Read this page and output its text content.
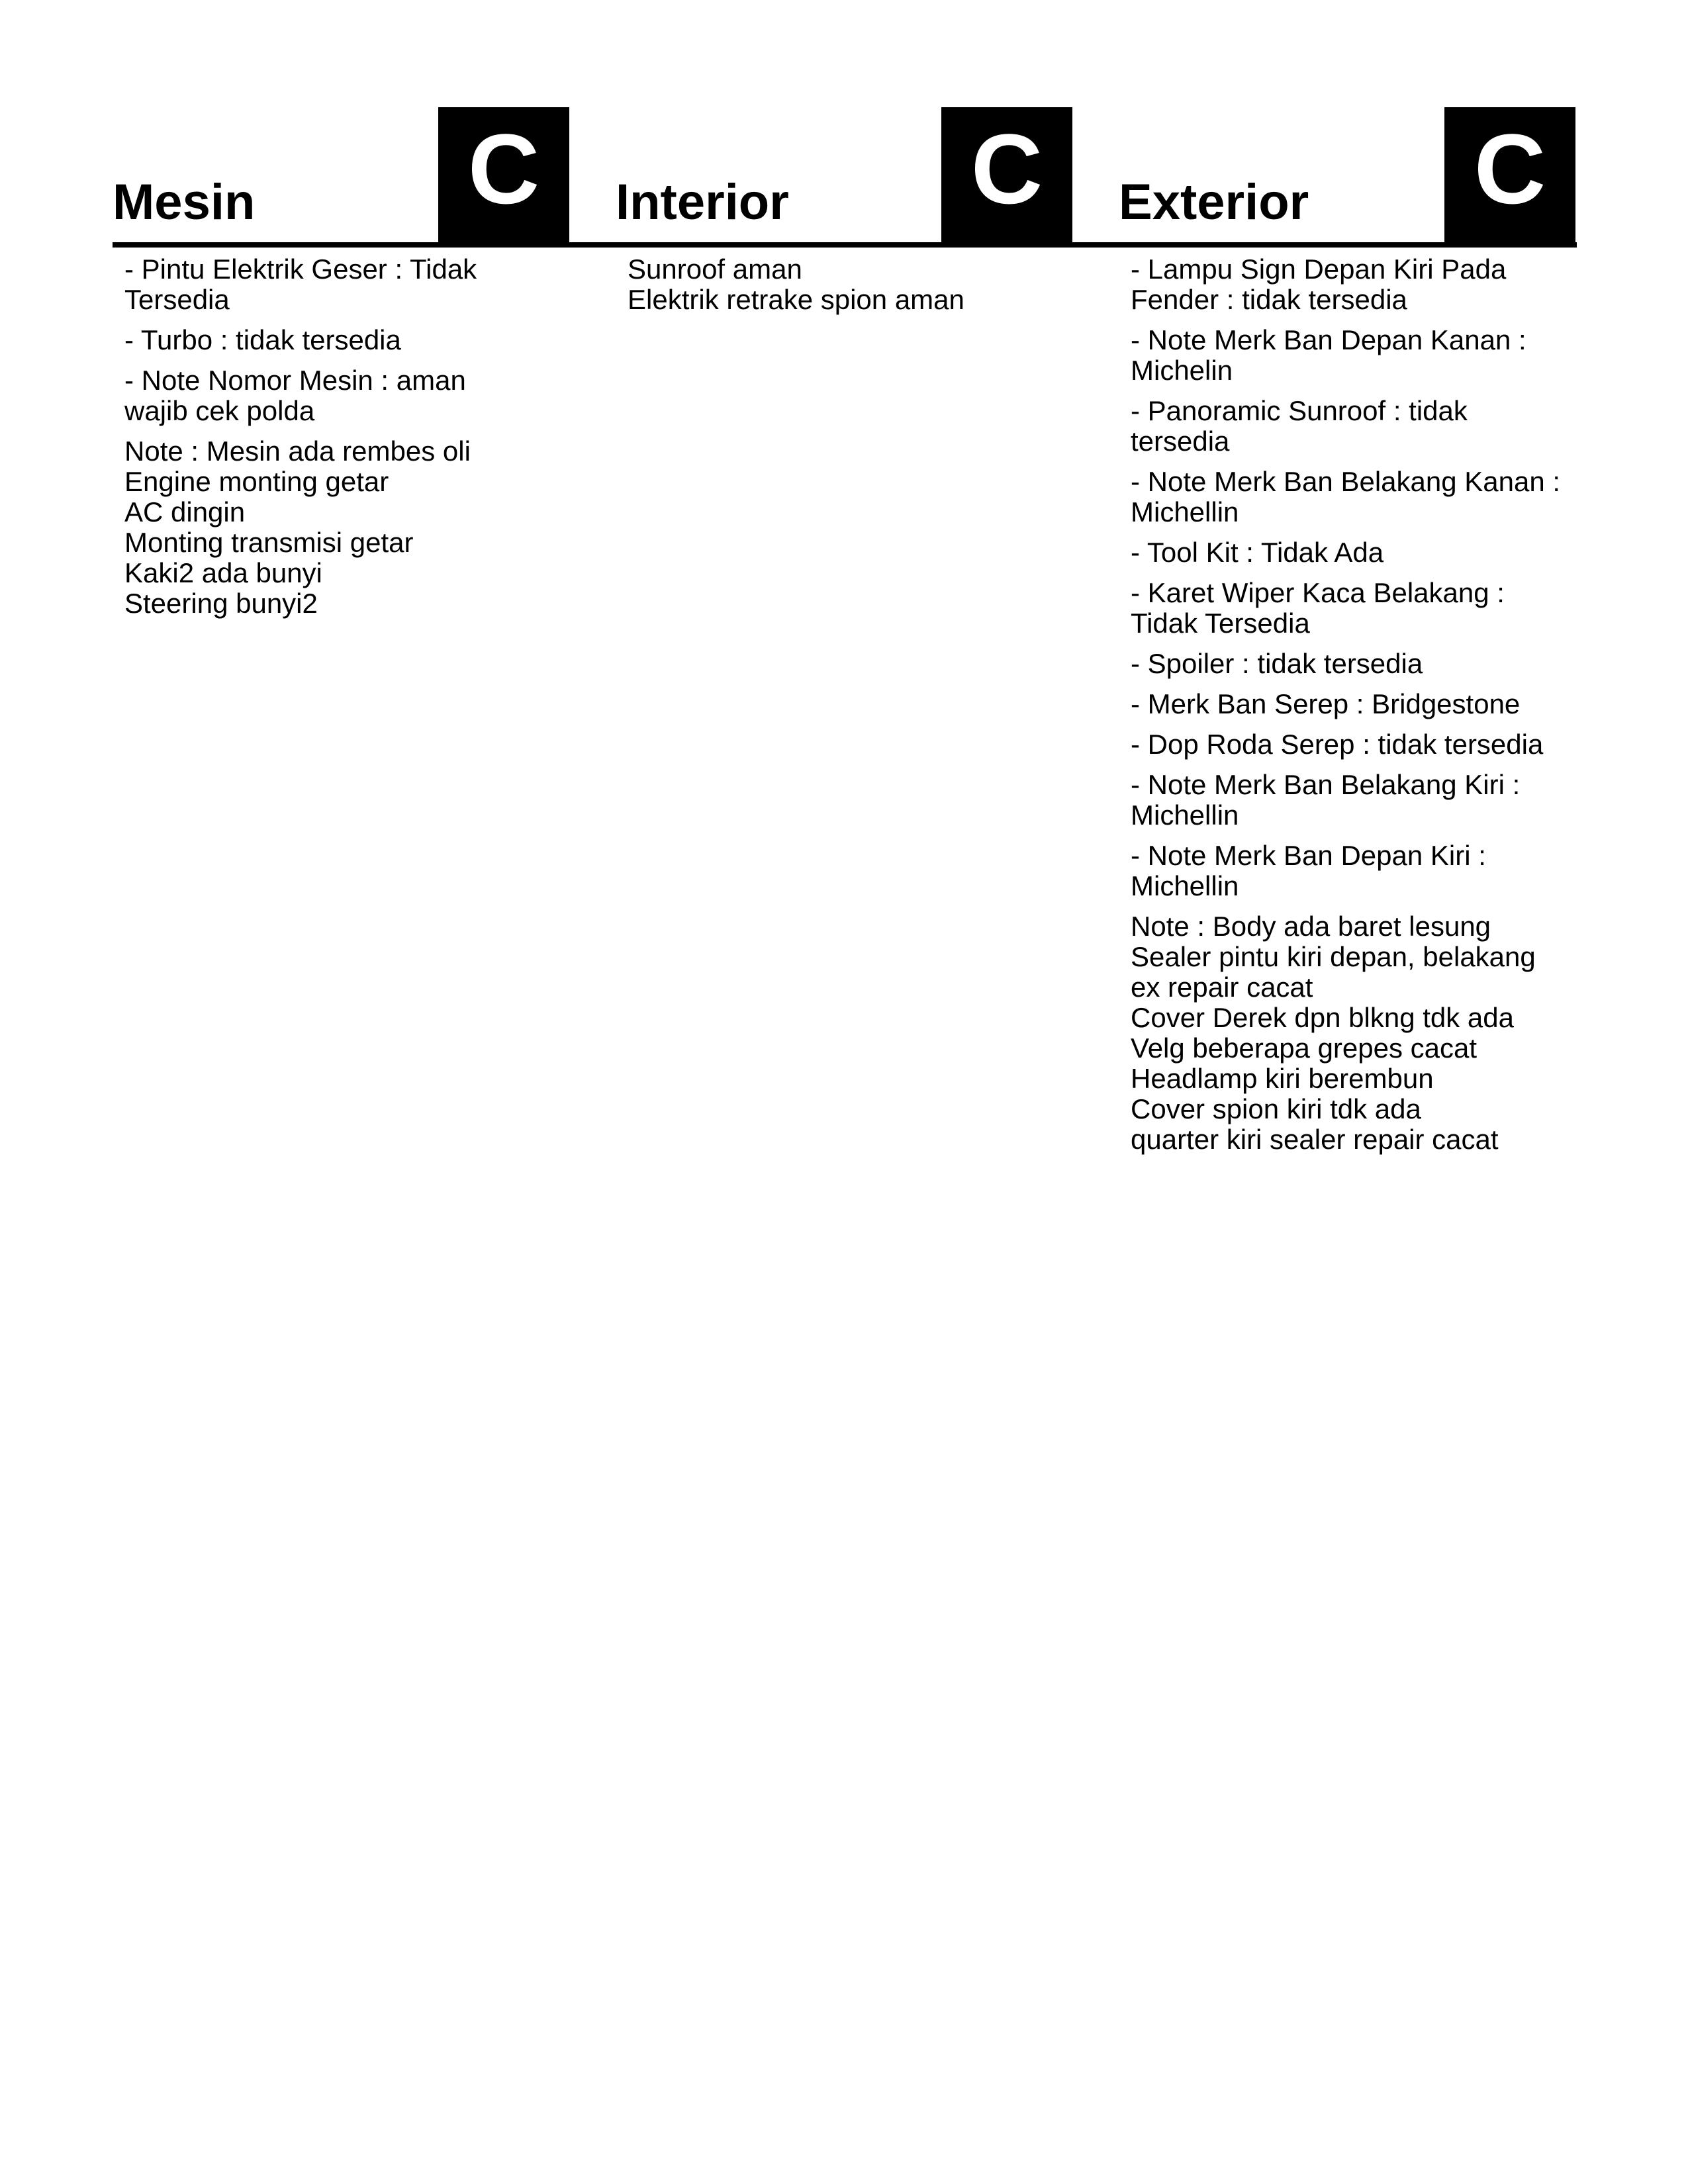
Mesin C	Interior C	Exterior C

- Pintu Elektrik Geser : Tidak
Tersedia

- Turbo : tidak tersedia

- Note Nomor Mesin : aman
wajib cek polda

Note : Mesin ada rembes oli
Engine monting getar
AC dingin
Monting transmisi getar
Kaki2 ada bunyi
Steering bunyi2

Sunroof aman
Elektrik retrake spion aman

- Lampu Sign Depan Kiri Pada
Fender : tidak tersedia

- Note Merk Ban Depan Kanan :
Michelin

- Panoramic Sunroof : tidak
tersedia

- Note Merk Ban Belakang Kanan :
Michellin

- Tool Kit : Tidak Ada

- Karet Wiper Kaca Belakang :
Tidak Tersedia

- Spoiler : tidak tersedia

- Merk Ban Serep : Bridgestone

- Dop Roda Serep : tidak tersedia

- Note Merk Ban Belakang Kiri :
Michellin

- Note Merk Ban Depan Kiri :
Michellin

Note : Body ada baret lesung
Sealer pintu kiri depan, belakang
ex repair cacat
Cover Derek dpn blkng tdk ada
Velg beberapa grepes cacat
Headlamp kiri berembun
Cover spion kiri tdk ada
quarter kiri sealer repair cacat
